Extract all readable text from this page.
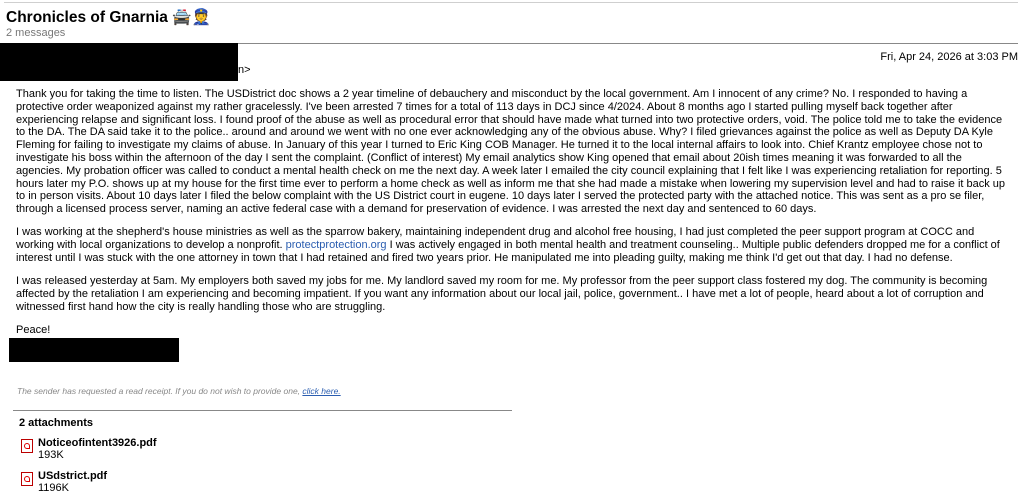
Chronicles of Gnarnia 🚔👮
2 messages
n>
Fri, Apr 24, 2026 at 3:03 PM

Thank you for taking the time to listen. The USDistrict doc shows a 2 year timeline of debauchery and misconduct by the local government. Am I innocent of any crime? No. I responded to having a protective order weaponized against my rather gracelessly. I've been arrested 7 times for a total of 113 days in DCJ since 4/2024. About 8 months ago I started pulling myself back together after experiencing relapse and significant loss. I found proof of the abuse as well as procedural error that should have made what turned into two protective orders, void. The police told me to take the evidence to the DA. The DA said take it to the police.. around and around we went with no one ever acknowledging any of the obvious abuse. Why? I filed grievances against the police as well as Deputy DA Kyle Fleming for failing to investigate my claims of abuse. In January of this year I turned to Eric King COB Manager. He turned it to the local internal affairs to look into. Chief Krantz employee chose not to investigate his boss within the afternoon of the day I sent the complaint. (Conflict of interest) My email analytics show King opened that email about 20ish times meaning it was forwarded to all the agencies. My probation officer was called to conduct a mental health check on me the next day. A week later I emailed the city council explaining that I felt like I was experiencing retaliation for reporting. 5 hours later my P.O. shows up at my house for the first time ever to perform a home check as well as inform me that she had made a mistake when lowering my supervision level and had to raise it back up to in person visits. About 10 days later I filed the below complaint with the US District court in eugene. 10 days later I served the protected party with the attached notice. This was sent as a pro se filer, through a licensed process server, naming an active federal case with a demand for preservation of evidence. I was arrested the next day and sentenced to 60 days.

I was working at the shepherd's house ministries as well as the sparrow bakery, maintaining independent drug and alcohol free housing, I had just completed the peer support program at COCC and working with local organizations to develop a nonprofit. protectprotection.org I was actively engaged in both mental health and treatment counseling.. Multiple public defenders dropped me for a conflict of interest until I was stuck with the one attorney in town that I had retained and fired two years prior. He manipulated me into pleading guilty, making me think I'd get out that day. I had no defense.

I was released yesterday at 5am. My employers both saved my jobs for me. My landlord saved my room for me. My professor from the peer support class fostered my dog. The community is becoming affected by the retaliation I am experiencing and becoming impatient. If you want any information about our local jail, police, government.. I have met a lot of people, heard about a lot of corruption and witnessed first hand how the city is really handling those who are struggling.

Peace!

The sender has requested a read receipt. If you do not wish to provide one, click here.
2 attachments
Noticeofintent3926.pdf
193K
USdstrict.pdf
1196K
